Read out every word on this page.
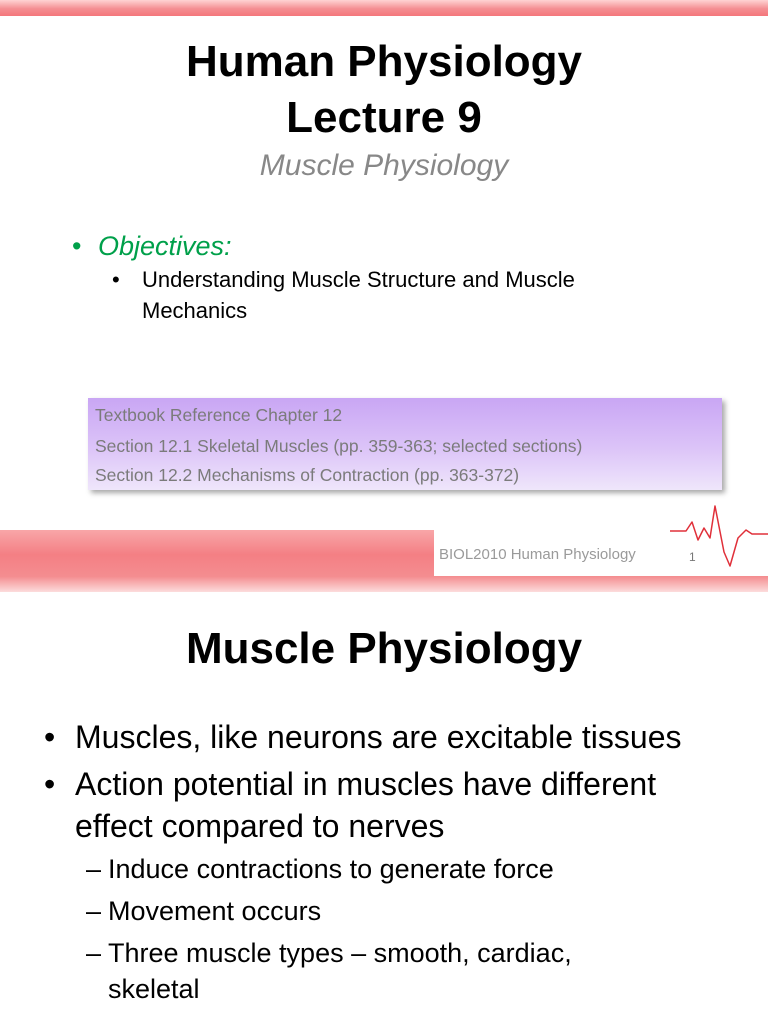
Human Physiology
Lecture 9
Muscle Physiology
• Objectives:
•	Understanding Muscle Structure and Muscle Mechanics
Textbook Reference Chapter 12
Section 12.1 Skeletal Muscles (pp. 359-363; selected sections)
Section 12.2 Mechanisms of Contraction (pp. 363-372)
BIOL2010 Human Physiology	1
Muscle Physiology
• Muscles, like neurons are excitable tissues
• Action potential in muscles have different effect compared to nerves
– Induce contractions to generate force
– Movement occurs
– Three muscle types – smooth, cardiac, skeletal
